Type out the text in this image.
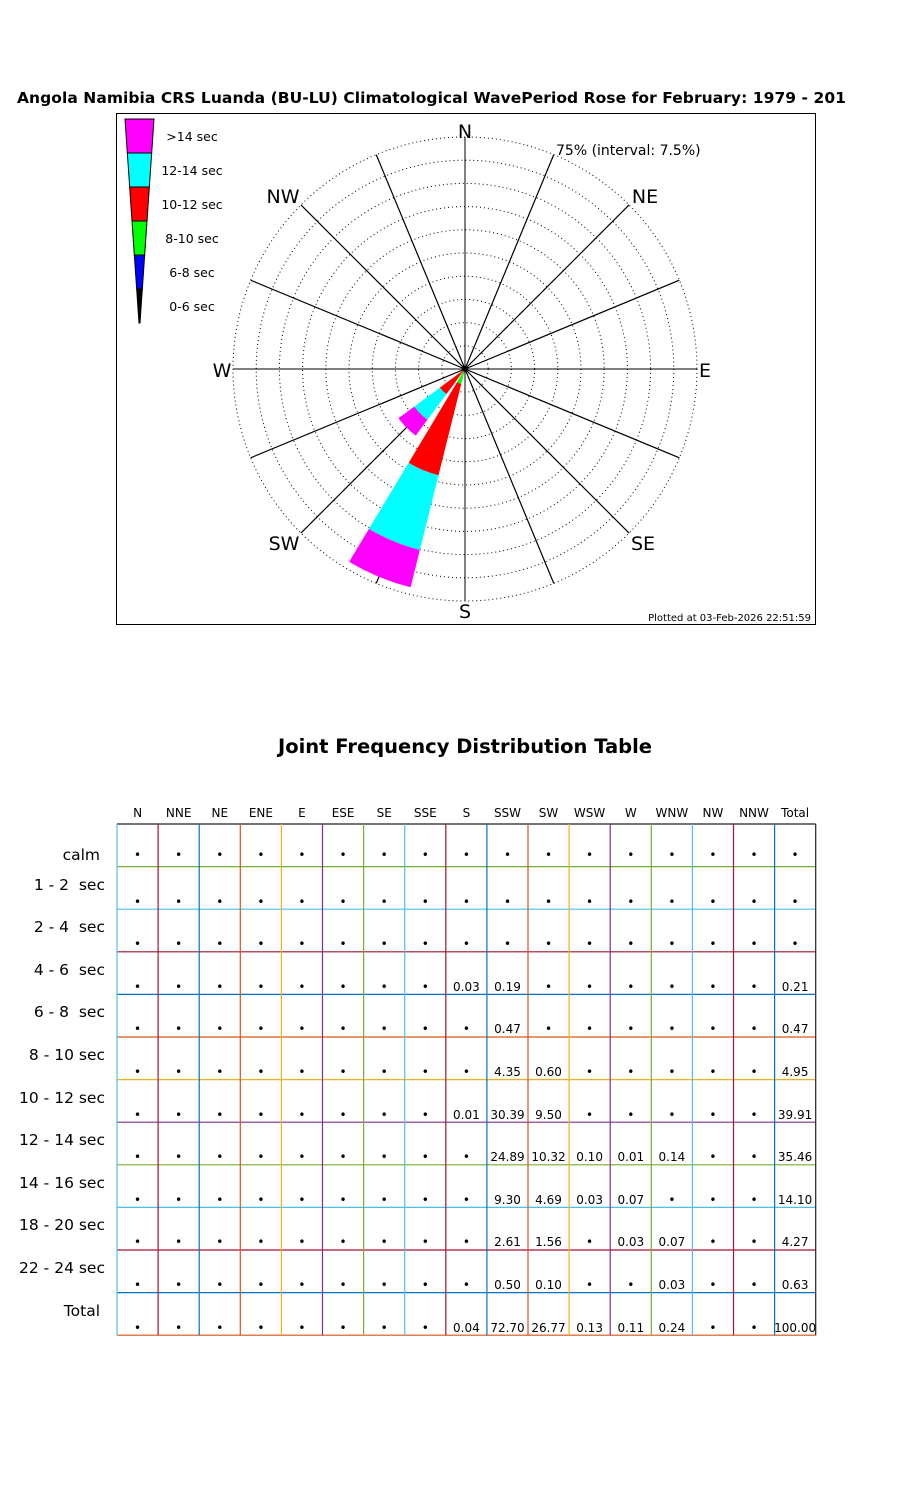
Angola Namibia CRS Luanda (BU-LU) Climatological WavePeriod Rose for February: 1979 - 201
N
NE
E
SE
S
SW
W
NW
75% (interval: 7.5%)
Plotted at 03-Feb-2026 22:51:59
>14 sec
12-14 sec
10-12 sec
8-10 sec
6-8 sec
0-6 sec
Joint Frequency Distribution Table
N	NNE	NE	ENE	E	ESE	SE	SSE	S	SSW	SW	WSW	W	WNW	NW	NNW	Total
calm	•	•	•	•	•	•	•	•	•	•	•	•	•	•	•	•	•
1 - 2  sec
•	•	•	•	•	•	•	•	•	•	•	•	•	•	•	•	•
2 - 4  sec
•	•	•	•	•	•	•	•	•	•	•	•	•	•	•	•	•
4 - 6  sec
•	•	•	•	•	•	•	•	0.03	0.19	•	•	•	•	•	•	0.21
6 - 8  sec
•	•	•	•	•	•	•	•	•	0.47	•	•	•	•	•	•	0.47
8 - 10 sec
•	•	•	•	•	•	•	•	•	4.35	0.60	•	•	•	•	•	4.95
10 - 12 sec
•	•	•	•	•	•	•	•	0.01 30.39 9.50	•	•	•	•	•	39.91
12 - 14 sec
•	•	•	•	•	•	•	•	•	24.89 10.32 0.10	0.01	0.14	•	•	35.46
14 - 16 sec
•	•	•	•	•	•	•	•	•	9.30	4.69	0.03	0.07	•	•	•	14.10
18 - 20 sec
•	•	•	•	•	•	•	•	•	2.61	1.56	•	0.03	0.07	•	•	4.27
22 - 24 sec
•	•	•	•	•	•	•	•	•	0.50	0.10	•	•	0.03	•	•	0.63
Total
•	•	•	•	•	•	•	•	0.04 72.70 26.77 0.13	0.11	0.24	•	•	100.00
